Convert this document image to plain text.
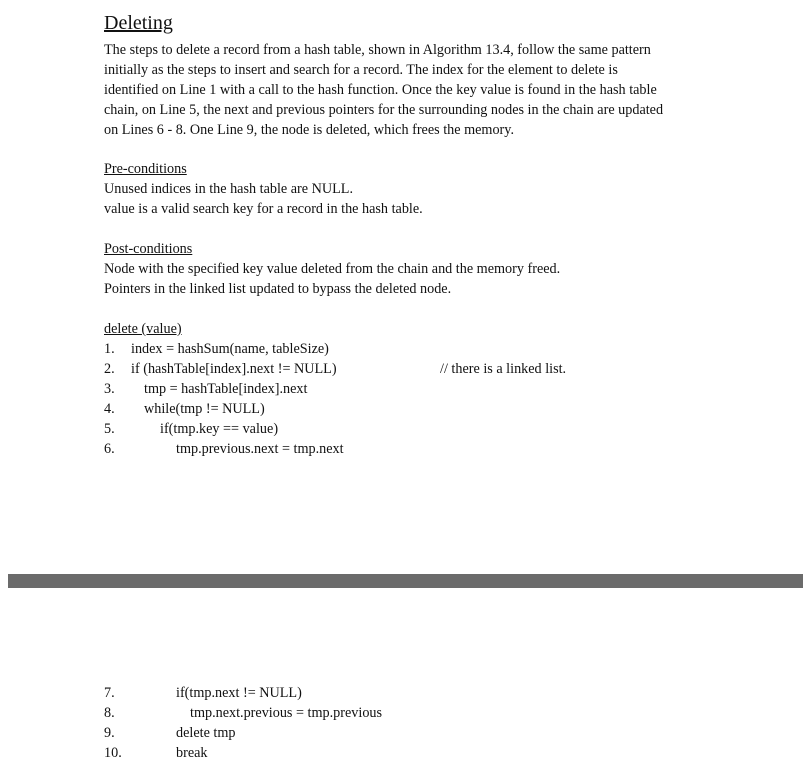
Deleting

The steps to delete a record from a hash table, shown in Algorithm 13.4, follow the same pattern
initially as the steps to insert and search for a record. The index for the element to delete is
identified on Line 1 with a call to the hash function. Once the key value is found in the hash table
chain, on Line 5, the next and previous pointers for the surrounding nodes in the chain are updated
on Lines 6 - 8. One Line 9, the node is deleted, which frees the memory.

Pre-conditions
Unused indices in the hash table are NULL.
value is a valid search key for a record in the hash table.
Post-conditions
Node with the specified key value deleted from the chain and the memory freed.
Pointers in the linked list updated to bypass the deleted node.
delete (value)
1. index = hashSum(name, tableSize)
2. if (hashTable[index].next != NULL)	// there is a linked list.
3. tmp = hashTable[index].next
4. while(tmp != NULL)
5.	if(tmp.key == value)
6.	tmp.previous.next = tmp.next
7.	if(tmp.next != NULL)
8.	tmp.next.previous = tmp.previous
9.	delete tmp
10.	break
